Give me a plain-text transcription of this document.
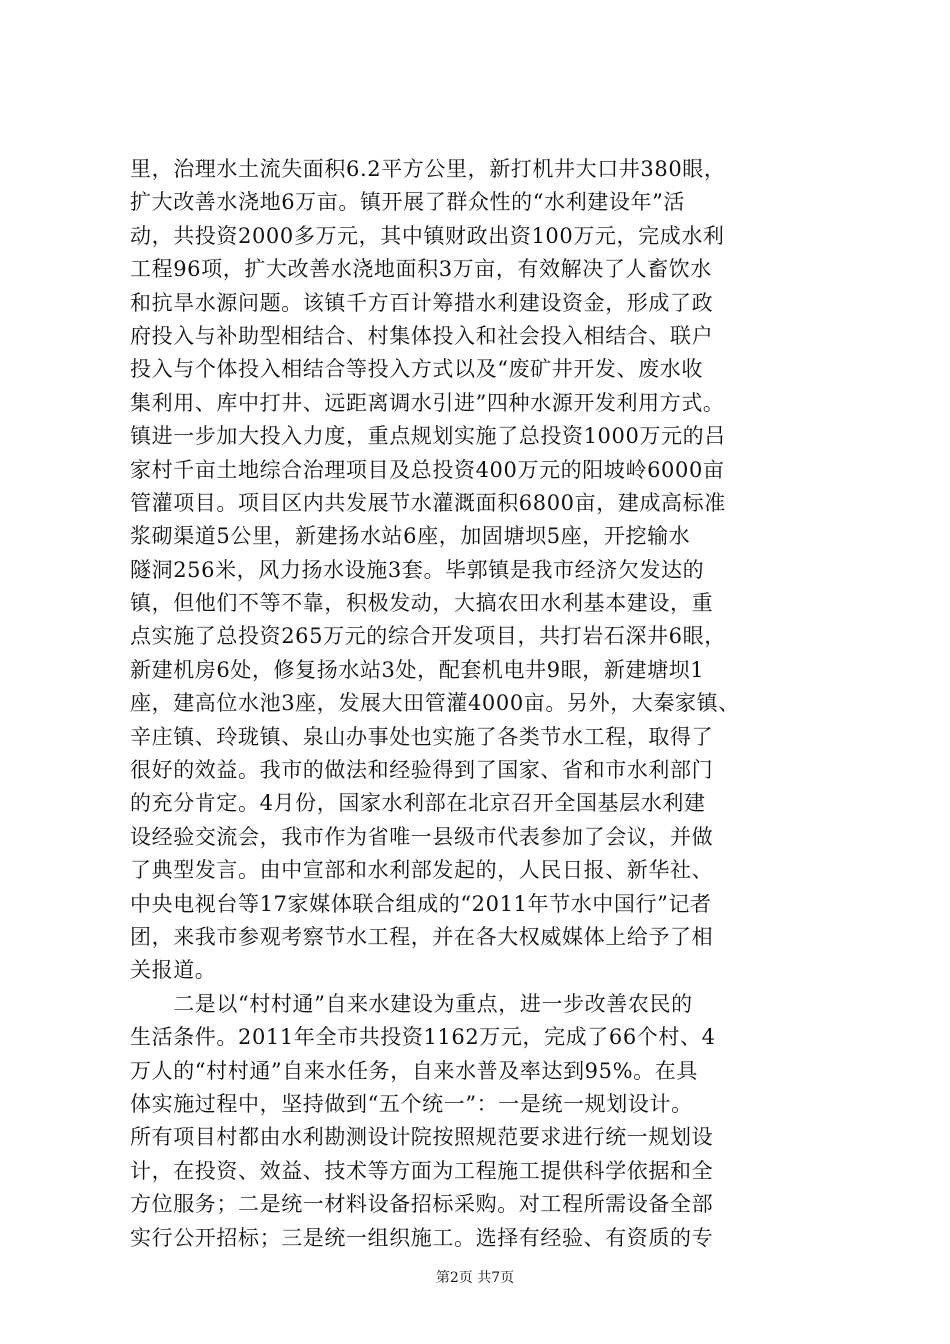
里，治理水土流失面积6.2平方公里，新打机井大口井380眼，
扩大改善水浇地6万亩。镇开展了群众性的“水利建设年”活
动，共投资2000多万元，其中镇财政出资100万元，完成水利
工程96项，扩大改善水浇地面积3万亩，有效解决了人畜饮水
和抗旱水源问题。该镇千方百计筹措水利建设资金，形成了政
府投入与补助型相结合、村集体投入和社会投入相结合、联户
投入与个体投入相结合等投入方式以及“废矿井开发、废水收
集利用、库中打井、远距离调水引进”四种水源开发利用方式。
镇进一步加大投入力度，重点规划实施了总投资1000万元的吕
家村千亩土地综合治理项目及总投资400万元的阳坡岭6000亩
管灌项目。项目区内共发展节水灌溉面积6800亩，建成高标准
浆砌渠道5公里，新建扬水站6座，加固塘坝5座，开挖输水
隧洞256米，风力扬水设施3套。毕郭镇是我市经济欠发达的
镇，但他们不等不靠，积极发动，大搞农田水利基本建设，重
点实施了总投资265万元的综合开发项目，共打岩石深井6眼，
新建机房6处，修复扬水站3处，配套机电井9眼，新建塘坝1
座，建高位水池3座，发展大田管灌4000亩。另外，大秦家镇、
辛庄镇、玲珑镇、泉山办事处也实施了各类节水工程，取得了
很好的效益。我市的做法和经验得到了国家、省和市水利部门
的充分肯定。4月份，国家水利部在北京召开全国基层水利建
设经验交流会，我市作为省唯一县级市代表参加了会议，并做
了典型发言。由中宣部和水利部发起的，人民日报、新华社、
中央电视台等17家媒体联合组成的“2011年节水中国行”记者
团，来我市参观考察节水工程，并在各大权威媒体上给予了相
关报道。
　　二是以“村村通”自来水建设为重点，进一步改善农民的
生活条件。2011年全市共投资1162万元，完成了66个村、4
万人的“村村通”自来水任务，自来水普及率达到95%。在具
体实施过程中，坚持做到“五个统一”：一是统一规划设计。
所有项目村都由水利勘测设计院按照规范要求进行统一规划设
计，在投资、效益、技术等方面为工程施工提供科学依据和全
方位服务；二是统一材料设备招标采购。对工程所需设备全部
实行公开招标；三是统一组织施工。选择有经验、有资质的专
第2页 共7页
